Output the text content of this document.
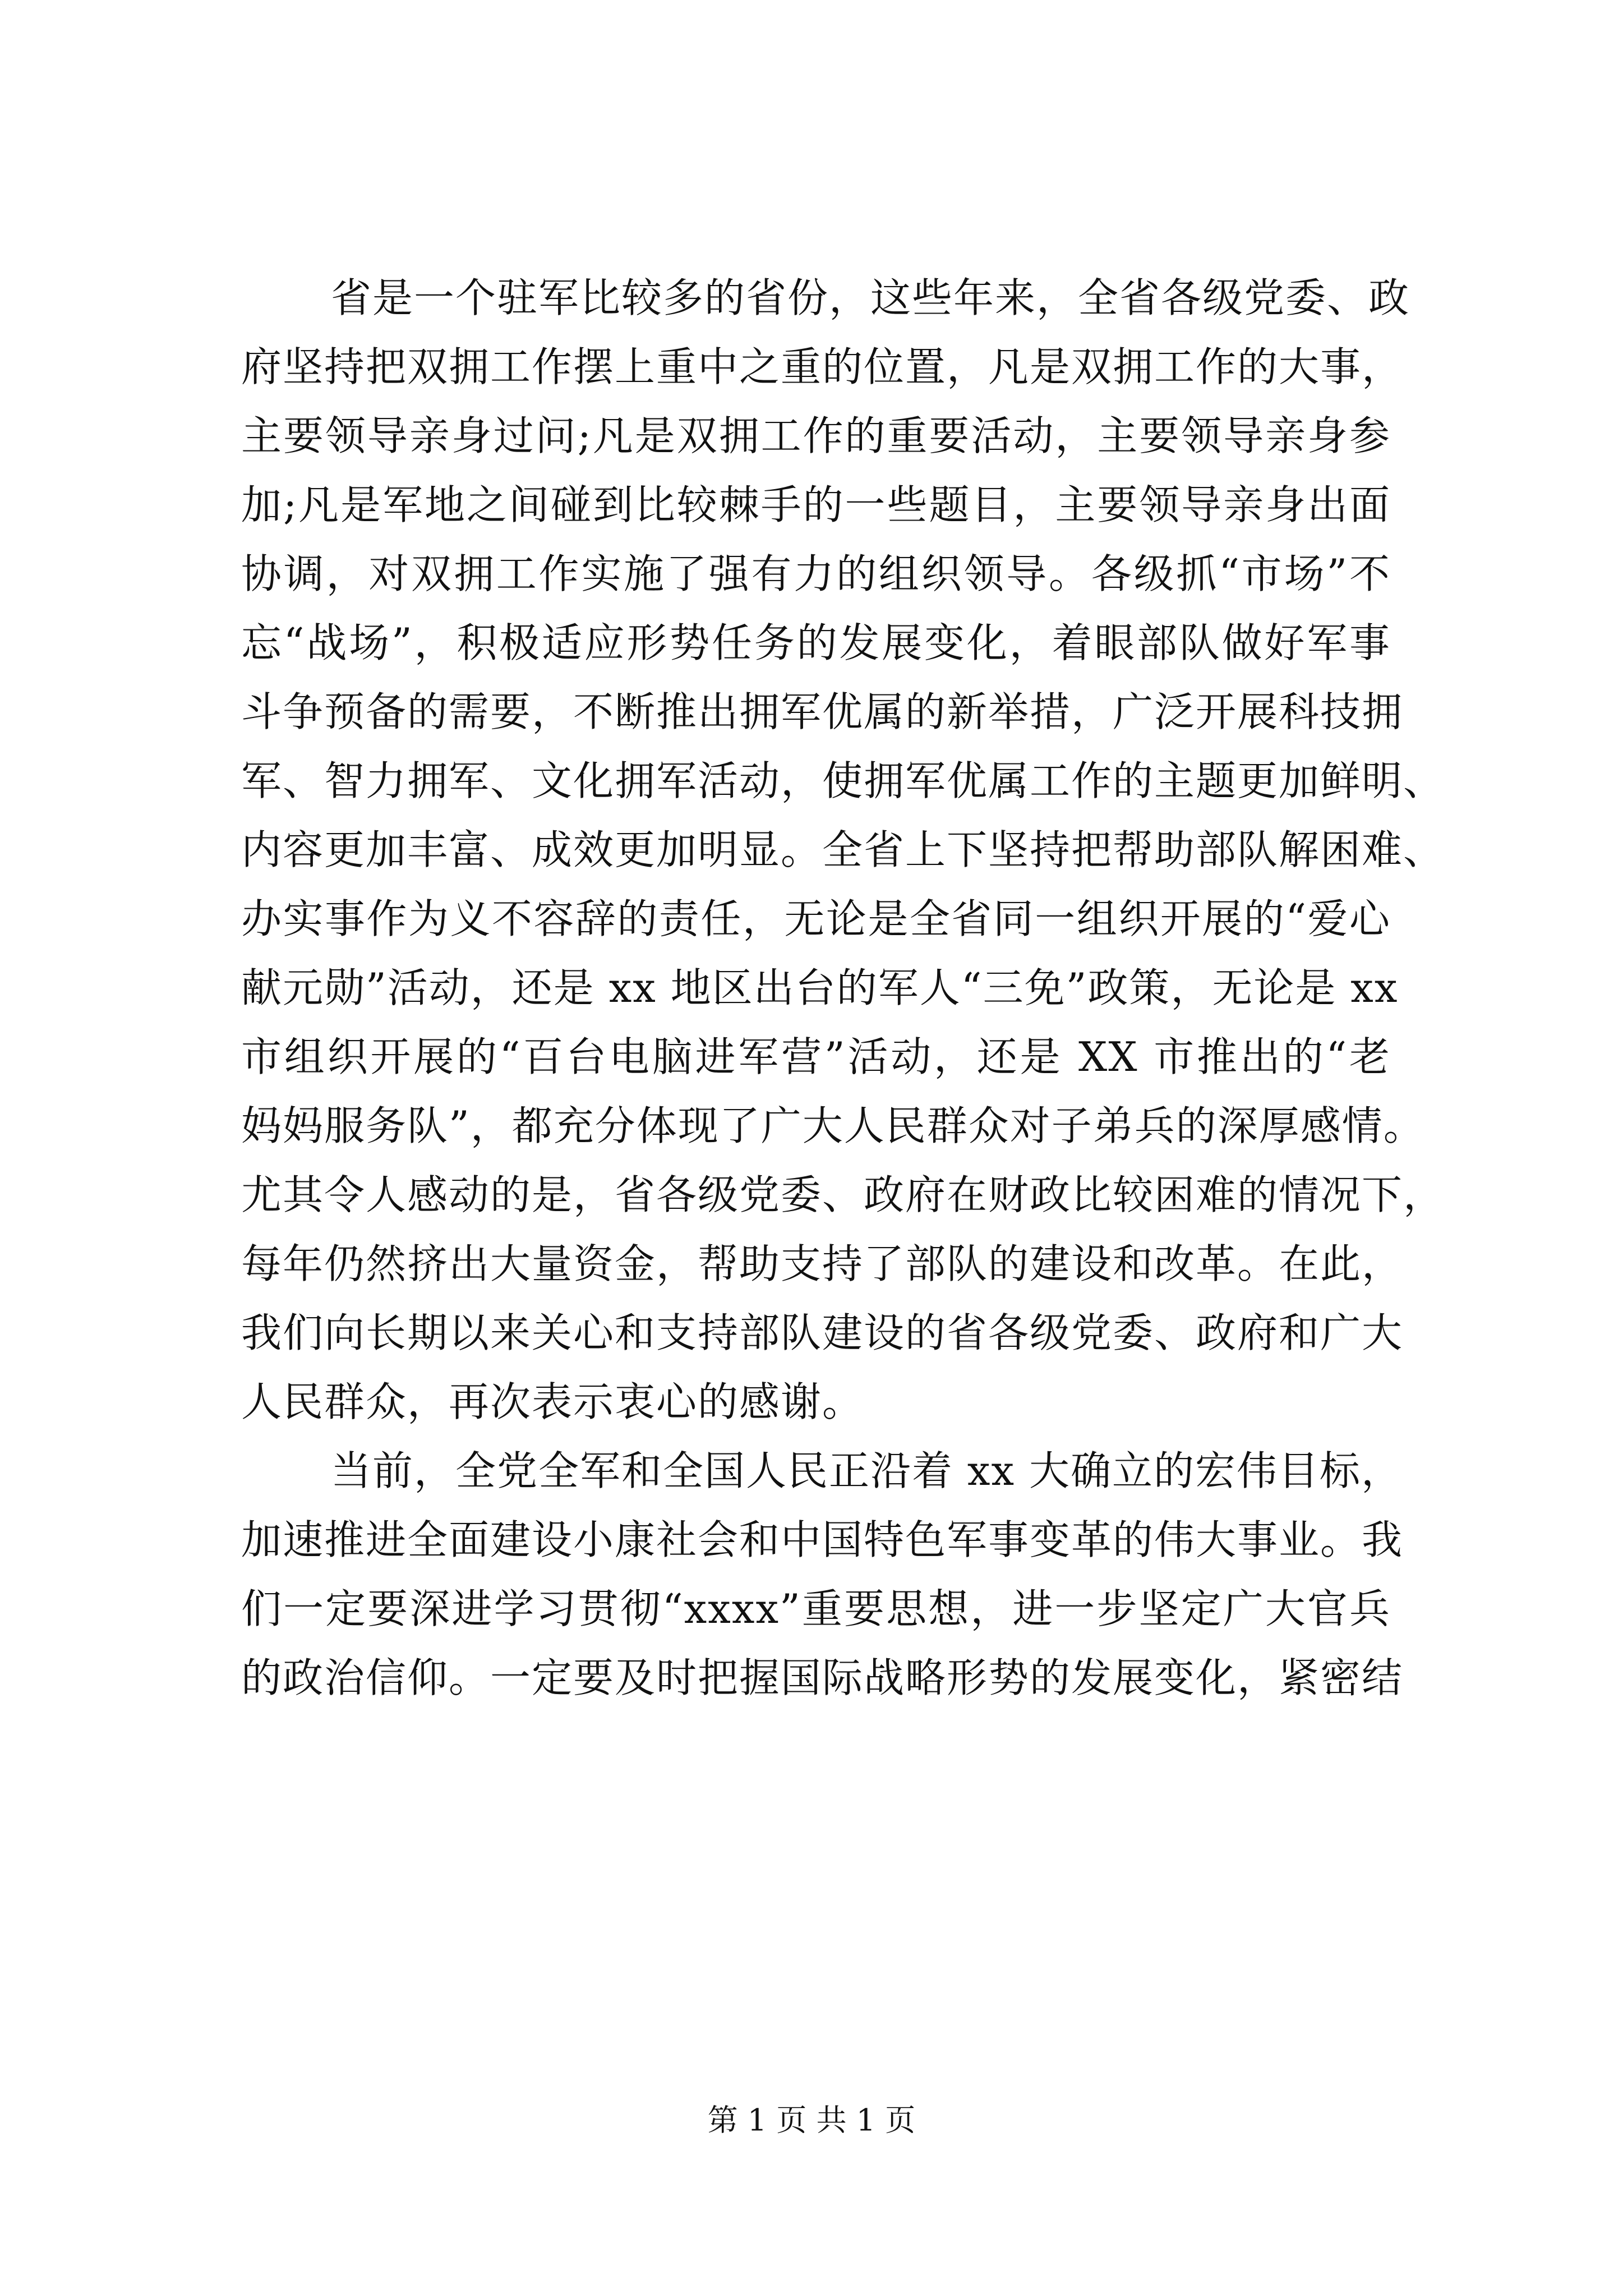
省是一个驻军比较多的省份，这些年来，全省各级党委、政
府坚持把双拥工作摆上重中之重的位置，凡是双拥工作的大事，
主要领导亲身过问;凡是双拥工作的重要活动，主要领导亲身参
加;凡是军地之间碰到比较棘手的一些题目，主要领导亲身出面
协调，对双拥工作实施了强有力的组织领导。各级抓“市场”不
忘“战场”，积极适应形势任务的发展变化，着眼部队做好军事
斗争预备的需要，不断推出拥军优属的新举措，广泛开展科技拥
军、智力拥军、文化拥军活动，使拥军优属工作的主题更加鲜明、
内容更加丰富、成效更加明显。全省上下坚持把帮助部队解困难、
办实事作为义不容辞的责任，无论是全省同一组织开展的“爱心
献元勋”活动，还是 xx 地区出台的军人“三免”政策，无论是 xx
市组织开展的“百台电脑进军营”活动，还是 XX 市推出的“老
妈妈服务队”，都充分体现了广大人民群众对子弟兵的深厚感情。
尤其令人感动的是，省各级党委、政府在财政比较困难的情况下，
每年仍然挤出大量资金，帮助支持了部队的建设和改革。在此，
我们向长期以来关心和支持部队建设的省各级党委、政府和广大
人民群众，再次表示衷心的感谢。
当前，全党全军和全国人民正沿着 xx 大确立的宏伟目标，
加速推进全面建设小康社会和中国特色军事变革的伟大事业。我
们一定要深进学习贯彻“xxxx”重要思想，进一步坚定广大官兵
的政治信仰。一定要及时把握国际战略形势的发展变化，紧密结
第 1 页 共 1 页
